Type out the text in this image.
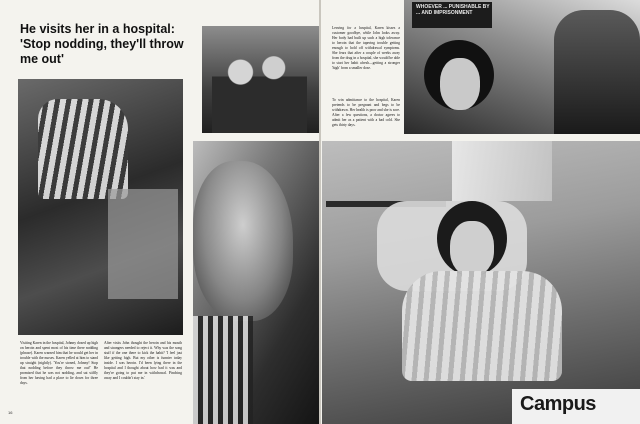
He visits her in a hospital: 'Stop nodding, they'll throw me out'
WHOEVER ... PUNISHABLE BY ... AND IMPRISONMENT
Campus

Leaving for a hospital, Karen kisses a customer goodbye, while John looks away. Her body had built up such a high tolerance to heroin that the tapering trouble getting enough to hold off withdrawal symptoms. She fears that after a couple of weeks away from the drug in a hospital, she would be able to start her habit afresh—getting a stronger 'high' from a smaller dose.

To win admittance to the hospital, Karen pretends to be pregnant and begs to be withdrawn. Her health is poor and she is sore. After a few questions, a doctor agrees to admit her as a patient with a bad cold. She gets thirty days.

Visiting Karen in the hospital, Johnny dozed up high on heroin and spent most of his time there nodding (phrase). Karen warned him that he would get her in trouble with the nurses. Karen yelled at him to stand up straight (nightly). 'You're stoned, Johnny! Stop that nodding before they throw me out!' He promised that he was not nodding, and sat stiffly from her having had a place to lie down for three days.

After visits John thought the heroin and his mouth and strangers needed to reject it. Why was the song stuff if the one there to kick the habit? 'I feel just like getting high. But my other is funnier today inside. I was heroin. I'd been lying there in the hospital and I thought about how bad it was and they're going to put me in withdrawal. Pinching away and I couldn't stay in.'

16
